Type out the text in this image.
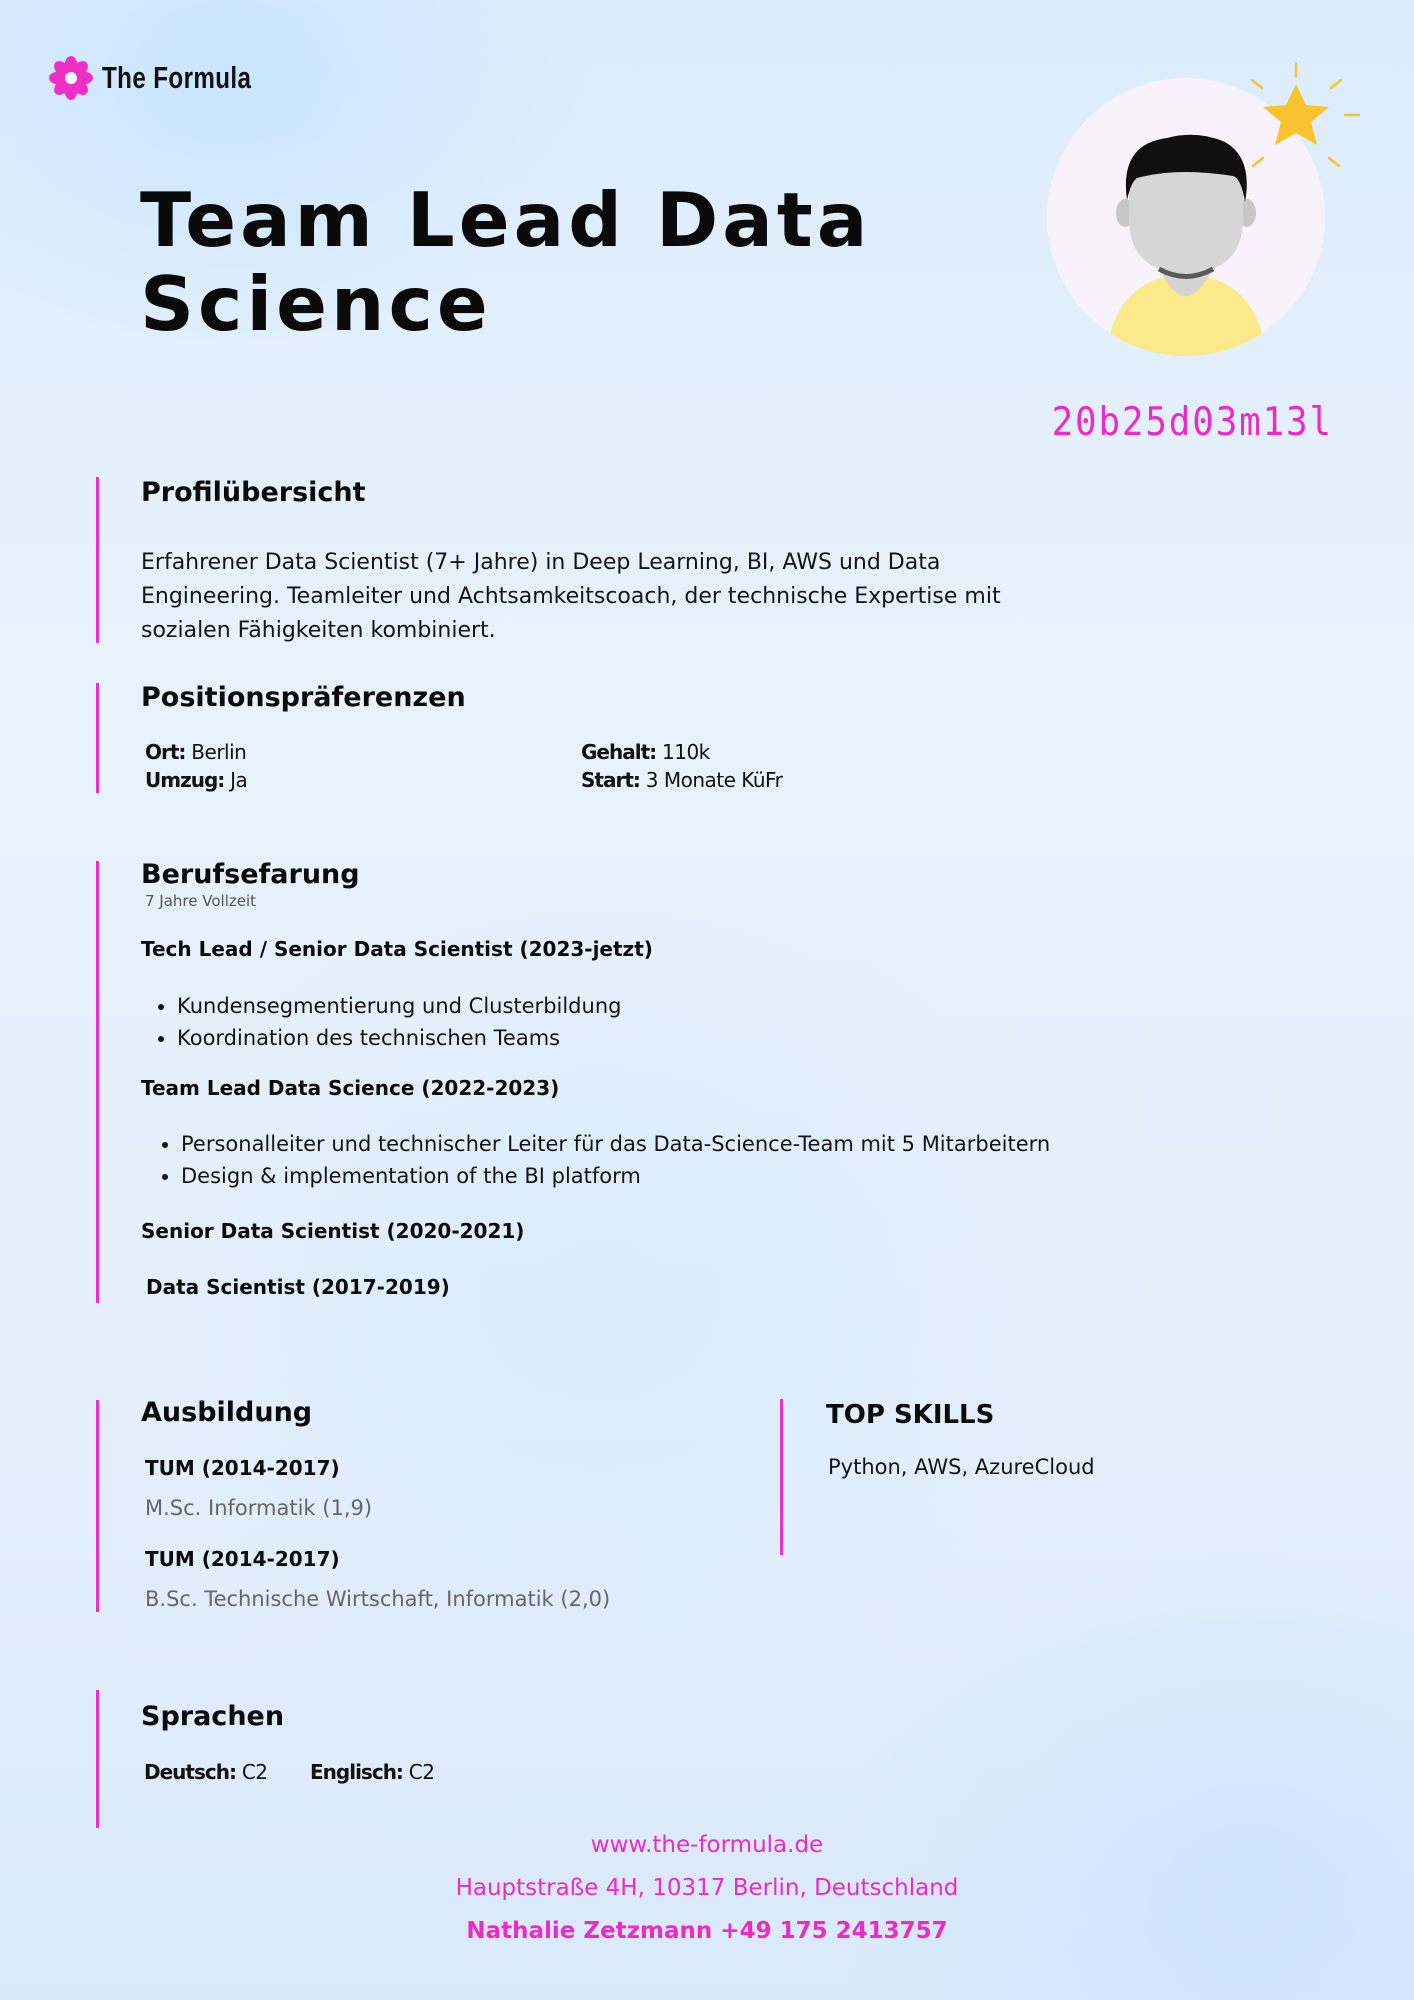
The Formula
Team Lead Data
Science
20b25d03m13l
Profilübersicht
Erfahrener Data Scientist (7+ Jahre) in Deep Learning, BI, AWS und Data Engineering. Teamleiter und Achtsamkeitscoach, der technische Expertise mit sozialen Fähigkeiten kombiniert.
Positionspräferenzen
Ort: Berlin
Umzug: Ja
Gehalt: 110k
Start: 3 Monate KüFr
Berufsefarung
7 Jahre Vollzeit
Tech Lead / Senior Data Scientist (2023-jetzt)
• Kundensegmentierung und Clusterbildung
• Koordination des technischen Teams
Team Lead Data Science (2022-2023)
• Personalleiter und technischer Leiter für das Data-Science-Team mit 5 Mitarbeitern
• Design & implementation of the BI platform
Senior Data Scientist (2020-2021)
Data Scientist (2017-2019)
Ausbildung
TUM (2014-2017)
M.Sc. Informatik (1,9)
TUM (2014-2017)
B.Sc. Technische Wirtschaft, Informatik (2,0)
TOP SKILLS
Python, AWS, AzureCloud
Sprachen
Deutsch: C2 Englisch: C2
www.the-formula.de
Hauptstraße 4H, 10317 Berlin, Deutschland
Nathalie Zetzmann +49 175 2413757
